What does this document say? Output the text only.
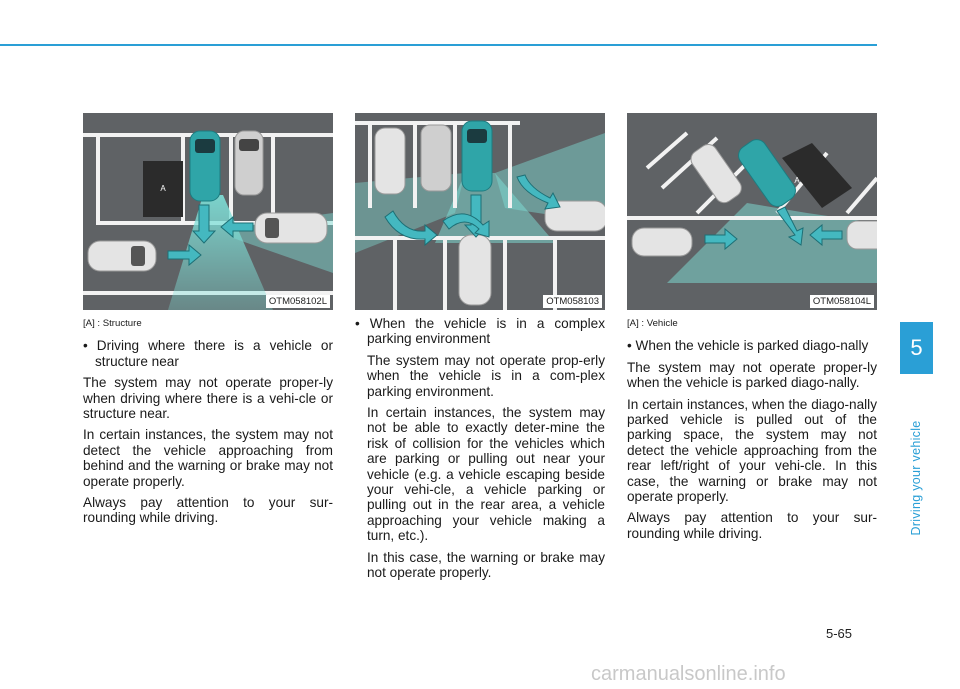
A
OTM058102L	OTM058103
A
OTM058104L

[A] : Structure

• Driving where there is a vehicle or structure near

The system may not operate proper-ly when driving where there is a vehi-cle or structure near.

In certain instances, the system may not detect the vehicle approaching from behind and the warning or brake may not operate properly.

Always pay attention to your sur-rounding while driving.

• When the vehicle is in a complex parking environment

The system may not operate prop-erly when the vehicle is in a com-plex parking environment.

In certain instances, the system may not be able to exactly deter-mine the risk of collision for the vehicles which are parking or pulling out near your vehicle (e.g. a vehicle escaping beside your vehi-cle, a vehicle parking or pulling out in the rear area, a vehicle approaching your vehicle making a turn, etc.).

In this case, the warning or brake may not operate properly.

[A] : Vehicle

• When the vehicle is parked diago-nally

The system may not operate proper-ly when the vehicle is parked diago-nally.

In certain instances, when the diago-nally parked vehicle is pulled out of the parking space, the system may not detect the vehicle approaching from the rear left/right of your vehi-cle. In this case, the warning or brake may not operate properly.

Always pay attention to your sur-rounding while driving.

5
Driving your vehicle
5-65
carmanualsonline.info
